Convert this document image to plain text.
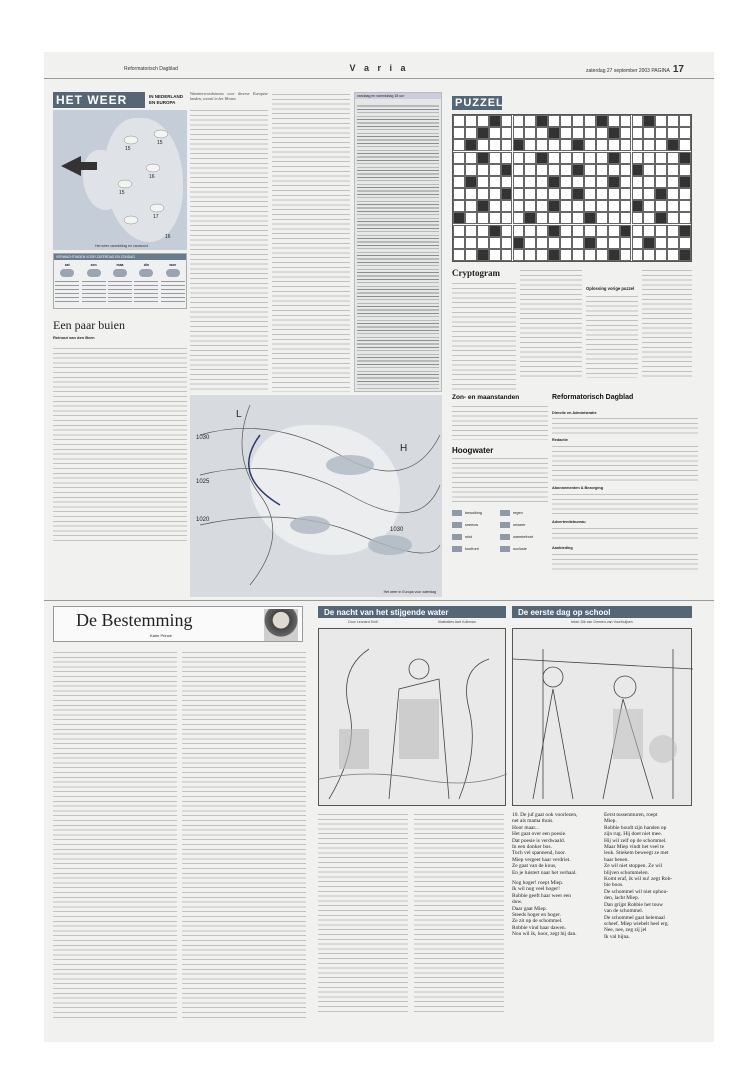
Reformatorisch Dagblad	V a r i a	zaterdag 27 september 2003 PAGINA 17
HET WEER	IN NEDERLAND
EN EUROPA
15
15
16
15
17
16
Het weer vanmiddag en vanavond
VERWACHTINGEN VOOR ZATERDAG EN ZONDAG
zat	zon	maa	din	woe
Een paar buien
Reinout van den Born
Warmterecordnieuws voor diverse Europese landen, vooral in het Westen.	vandaag en vanmiddag 18 uur
L
H
1030
1025
1020
1030
Het weer in Europa voor zaterdag
PUZZEL
Cryptogram
Oplossing vorige puzzel
Zon- en maanstanden
Hoogwater
bewolking	regen
sneeuw	onweer
mist	warmtefront
koufront	occlusie
Reformatorisch Dagblad
Directie en Administratie
Redactie
Abonnementen & Bezorging
Advertentiebureau
Aanbieding
De Bestemming
Karin Prince
De nacht van het stijgende water
Door Leonard Smit	Illustraties Aart Kolkman
De eerste dag op school
tekst: Dik van Ommen-van Voorthuijsen
10. De juf gaat ook voorlezen,
net als mama thuis.
Hoor maar...
Het gaat over een poesie.
Dat poesie is verdwaald.
In een donker bos.
Toch vel spannend, hoor.
Miep vergeet haar verdriet.
Ze gaat van de kous,
En je luistert naar het verhaal.
Nog hoger! roept Miep.
Ik wil nog veel hoger!
Robbie geeft haar weer een
duw.
Daar gaat Miep.
Steeds hoger en hoger.
Ze zit op de schommel.
Robbie vind haar dawen.
Nou wil ik, hoor, zegt hij dan.
Eerst tussenmuren, roept
Miep.
Robbie houdt zijn handen op
zijn rug. Hij doet niet mee.
Hij wil zelf op de schommel.
Maar Miep vindt het veel te
leuk. Stiekem beweegt ze met
haar benen.
Ze wil niet stoppen. Ze wil
blijven schommelen.
Komt eraf, ik wil nu! zegt Rob-
bie boos.
De schommel wil niet ophou-
den, lacht Miep.
Dan grijpt Robbie het touw
van de schommel.
De schommel gaat helemaal
scheef. Miep wiebelt heel erg.
Nee, nee, zeg zij jel
Ik val bijna.
